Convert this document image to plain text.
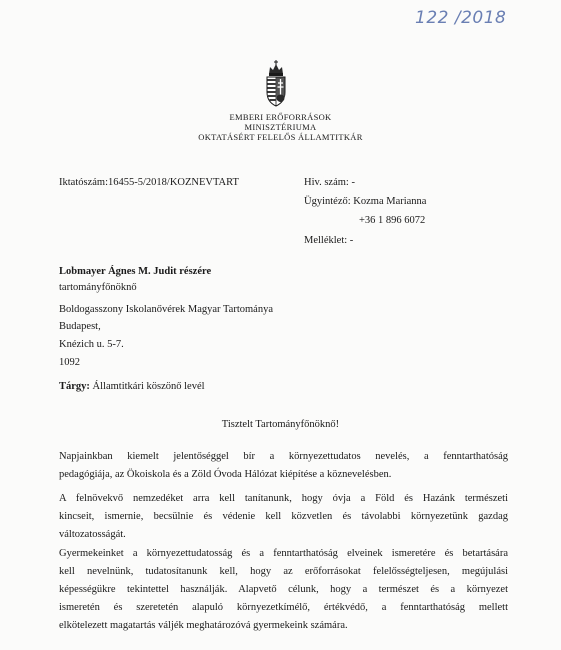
122 /2018
EMBERI ERŐFORRÁSOK
MINISZTÉRIUMA
OKTATÁSÉRT FELELŐS ÁLLAMTITKÁR
Iktatószám:16455-5/2018/KOZNEVTART	Hiv. szám: -
Ügyintéző: Kozma Marianna
+36 1 896 6072
Melléklet: -
Lobmayer Ágnes M. Judit részére
tartományfőnöknő
Boldogasszony Iskolanővérek Magyar Tartománya
Budapest,
Knézich u. 5-7.
1092
Tárgy: Államtitkári köszönő levél
Tisztelt Tartományfőnöknő!
Napjainkban kiemelt jelentőséggel bír a környezettudatos nevelés, a fenntarthatóság
pedagógiája, az Ökoiskola és a Zöld Óvoda Hálózat kiépítése a köznevelésben.
A felnövekvő nemzedéket arra kell tanítanunk, hogy óvja a Föld és Hazánk természeti
kincseit, ismernie, becsülnie és védenie kell közvetlen és távolabbi környezetünk gazdag
változatosságát.
Gyermekeinket a környezettudatosság és a fenntarthatóság elveinek ismeretére és betartására
kell nevelnünk, tudatosítanunk kell, hogy az erőforrásokat felelősségteljesen, megújulási
képességükre tekintettel használják. Alapvető célunk, hogy a természet és a környezet
ismeretén és szeretetén alapuló környezetkímélő, értékvédő, a fenntarthatóság mellett
elkötelezett magatartás váljék meghatározóvá gyermekeink számára.
